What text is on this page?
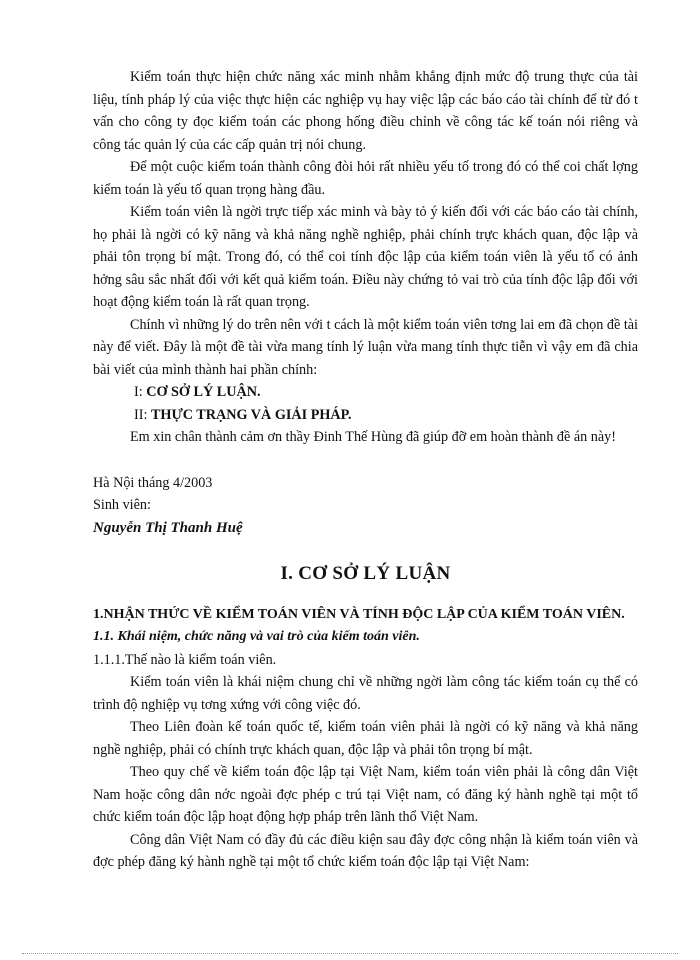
Kiểm toán thực hiện chức năng xác minh nhằm khẳng định mức độ trung thực của tài liệu, tính pháp lý của việc thực hiện các nghiệp vụ hay việc lập các báo cáo tài chính để từ đó t vấn cho công ty đọc kiểm toán các phong hống điều chỉnh về công tác kế toán nói riêng và công tác quản lý của các cấp quản trị nói chung.

Để một cuộc kiểm toán thành công đòi hỏi rất nhiều yếu tố trong đó có thể coi chất lợng kiểm toán là yếu tố quan trọng hàng đầu.

Kiểm toán viên là ngời trực tiếp xác minh và bày tỏ ý kiến đối với các báo cáo tài chính, họ phải là ngời có kỹ năng và khả năng nghề nghiệp, phải chính trực khách quan, độc lập và phải tôn trọng bí mật. Trong đó, có thể coi tính độc lập của kiểm toán viên là yếu tố có ảnh hởng sâu sắc nhất đối với kết quả kiểm toán. Điều này chứng tỏ vai trò của tính độc lập đối với hoạt động kiểm toán là rất quan trọng.

Chính vì những lý do trên nên với t cách là một kiểm toán viên tơng lai em đã chọn đề tài này để viết. Đây là một đề tài vừa mang tính lý luận vừa mang tính thực tiễn vì vậy em đã chia bài viết của mình thành hai phần chính:

I: CƠ SỞ LÝ LUẬN.

II: THỰC TRẠNG VÀ GIẢI PHÁP.

Em xin chân thành cảm ơn thầy Đinh Thế Hùng đã giúp đỡ em hoàn thành đề án này!

Hà Nội tháng 4/2003

Sinh viên:

Nguyễn Thị Thanh Huệ

I. CƠ SỞ LÝ LUẬN

1.NHẬN THỨC VỀ KIỂM TOÁN VIÊN VÀ TÍNH ĐỘC LẬP CỦA KIỂM TOÁN VIÊN.

1.1. Khái niệm, chức năng và vai trò của kiểm toán viên.

1.1.1.Thế nào là kiểm toán viên.

Kiểm toán viên là khái niệm chung chỉ về những ngời làm công tác kiểm toán cụ thể có trình độ nghiệp vụ tơng xứng với công việc đó.

Theo Liên đoàn kế toán quốc tế, kiểm toán viên phải là ngời có kỹ năng và khả năng nghề nghiệp, phải có chính trực khách quan, độc lập và phải tôn trọng bí mật.

Theo quy chế về kiểm toán độc lập tại Việt Nam, kiểm toán viên phải là công dân Việt Nam hoặc công dân nớc ngoài đợc phép c trú tại Việt nam, có đăng ký hành nghề tại một tổ chức kiểm toán độc lập hoạt động hợp pháp trên lãnh thổ Việt Nam.

Công dân Việt Nam có đầy đủ các điều kiện sau đây đợc công nhận là kiểm toán viên và đợc phép đăng ký hành nghề tại một tổ chức kiểm toán độc lập tại Việt Nam:
